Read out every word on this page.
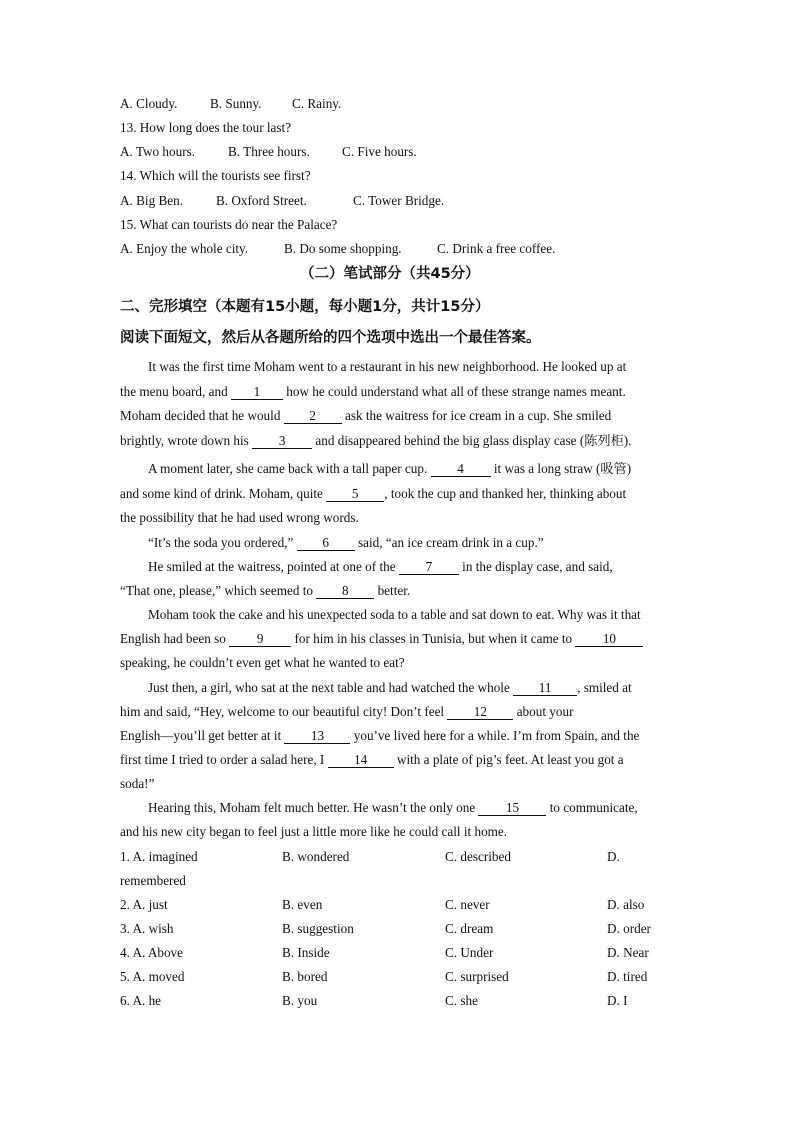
A. Cloudy. B. Sunny. C. Rainy.
13. How long does the tour last?
A. Two hours. B. Three hours. C. Five hours.
14. Which will the tourists see first?
A. Big Ben. B. Oxford Street.	C. Tower Bridge.
15. What can tourists do near the Palace?
A. Enjoy the whole city.	B. Do some shopping.	C. Drink a free coffee.
（二）笔试部分（共45分）
二、完形填空（本题有15小题，每小题1分，共计15分）
阅读下面短文，然后从各题所给的四个选项中选出一个最佳答案。
It was the first time Moham went to a restaurant in his new neighborhood. He looked up at
the menu board, and 1 how he could understand what all of these strange names meant.
Moham decided that he would 2 ask the waitress for ice cream in a cup. She smiled
brightly, wrote down his 3 and disappeared behind the big glass display case (陈列柜).
A moment later, she came back with a tall paper cup. 4 it was a long straw (吸管)
and some kind of drink. Moham, quite 5 , took the cup and thanked her, thinking about
the possibility that he had used wrong words.
“It’s the soda you ordered,” 6 said, “an ice cream drink in a cup.”
He smiled at the waitress, pointed at one of the 7 in the display case, and said,
“That one, please,” which seemed to 8 better.
Moham took the cake and his unexpected soda to a table and sat down to eat. Why was it that
English had been so 9 for him in his classes in Tunisia, but when it came to 10
speaking, he couldn’t even get what he wanted to eat?
Just then, a girl, who sat at the next table and had watched the whole 11 , smiled at
him and said, “Hey, welcome to our beautiful city! Don’t feel 12 about your
English—you’ll get better at it 13 you’ve lived here for a while. I’m from Spain, and the
first time I tried to order a salad here, I 14 with a plate of pig’s feet. At least you got a
soda!”
Hearing this, Moham felt much better. He wasn’t the only one 15 to communicate,
and his new city began to feel just a little more like he could call it home.
1. A. imagined	B. wondered	C. described	D.
remembered
2. A. just	B. even	C. never	D. also
3. A. wish	B. suggestion	C. dream	D. order
4. A. Above	B. Inside	C. Under	D. Near
5. A. moved	B. bored	C. surprised	D. tired
6. A. he	B. you	C. she	D. I
